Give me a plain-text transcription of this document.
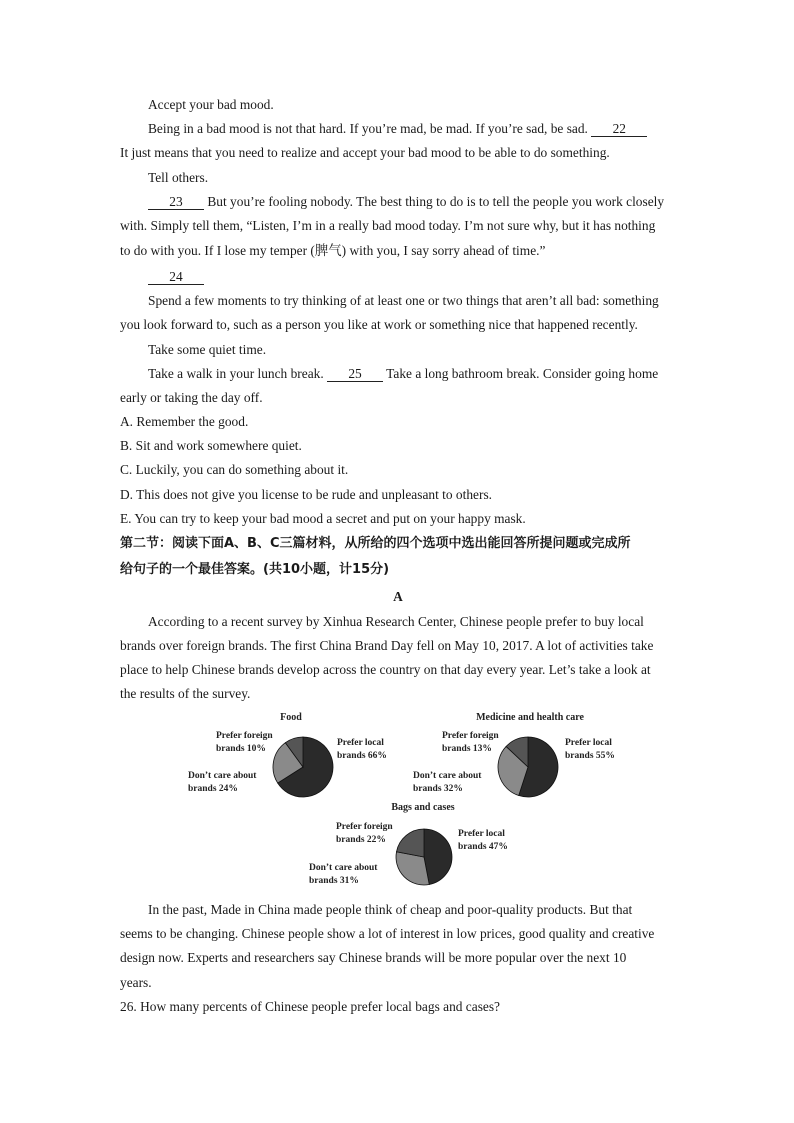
Accept your bad mood.
Being in a bad mood is not that hard. If you’re mad, be mad. If you’re sad, be sad. 22
It just means that you need to realize and accept your bad mood to be able to do something.
Tell others.
23 But you’re fooling nobody. The best thing to do is to tell the people you work closely
with. Simply tell them, “Listen, I’m in a really bad mood today. I’m not sure why, but it has nothing
to do with you. If I lose my temper (脾气) with you, I say sorry ahead of time.”
24
Spend a few moments to try thinking of at least one or two things that aren’t all bad: something
you look forward to, such as a person you like at work or something nice that happened recently.
Take some quiet time.
Take a walk in your lunch break. 25 Take a long bathroom break. Consider going home
early or taking the day off.
A. Remember the good.
B. Sit and work somewhere quiet.
C. Luckily, you can do something about it.
D. This does not give you license to be rude and unpleasant to others.
E. You can try to keep your bad mood a secret and put on your happy mask.
第二节：阅读下面A、B、C三篇材料，从所给的四个选项中选出能回答所提问题或完成所
给句子的一个最佳答案。(共10小题，计15分)
A
According to a recent survey by Xinhua Research Center, Chinese people prefer to buy local
brands over foreign brands. The first China Brand Day fell on May 10, 2017. A lot of activities take
place to help Chinese brands develop across the country on that day every year. Let’s take a look at
the results of the survey.
Food
Prefer local brands 66%
Prefer foreign brands 10%
Don’t care about brands 24%
Medicine and health care
Prefer local brands 55%
Prefer foreign brands 13%
Don’t care about brands 32%
Bags and cases
Prefer local brands 47%
Prefer foreign brands 22%
Don’t care about brands 31%
In the past, Made in China made people think of cheap and poor-quality products. But that
seems to be changing. Chinese people show a lot of interest in low prices, good quality and creative
design now. Experts and researchers say Chinese brands will be more popular over the next 10
years.
26. How many percents of Chinese people prefer local bags and cases?
